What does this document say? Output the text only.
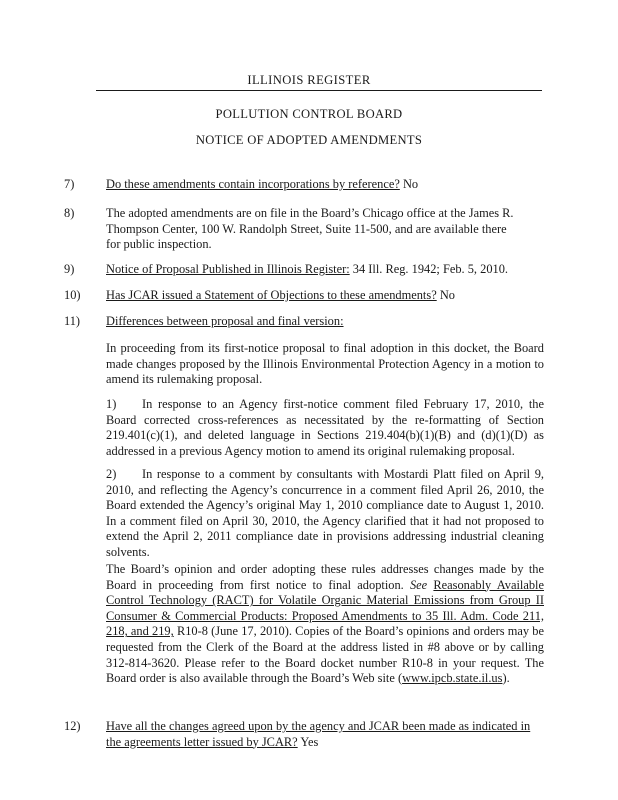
ILLINOIS REGISTER
POLLUTION CONTROL BOARD
NOTICE OF ADOPTED AMENDMENTS
7)	Do these amendments contain incorporations by reference? No
8)	The adopted amendments are on file in the Board’s Chicago office at the James R. Thompson Center, 100 W. Randolph Street, Suite 11-500, and are available there for public inspection.
9)	Notice of Proposal Published in Illinois Register: 34 Ill. Reg. 1942; Feb. 5, 2010.
10)	Has JCAR issued a Statement of Objections to these amendments? No
11)	Differences between proposal and final version:
In proceeding from its first-notice proposal to final adoption in this docket, the Board made changes proposed by the Illinois Environmental Protection Agency in a motion to amend its rulemaking proposal.
1) In response to an Agency first-notice comment filed February 17, 2010, the Board corrected cross-references as necessitated by the re-formatting of Section 219.401(c)(1), and deleted language in Sections 219.404(b)(1)(B) and (d)(1)(D) as addressed in a previous Agency motion to amend its original rulemaking proposal.
2) In response to a comment by consultants with Mostardi Platt filed on April 9, 2010, and reflecting the Agency’s concurrence in a comment filed April 26, 2010, the Board extended the Agency’s original May 1, 2010 compliance date to August 1, 2010. In a comment filed on April 30, 2010, the Agency clarified that it had not proposed to extend the April 2, 2011 compliance date in provisions addressing industrial cleaning solvents.
The Board’s opinion and order adopting these rules addresses changes made by the Board in proceeding from first notice to final adoption. See Reasonably Available Control Technology (RACT) for Volatile Organic Material Emissions from Group II Consumer & Commercial Products: Proposed Amendments to 35 Ill. Adm. Code 211, 218, and 219, R10-8 (June 17, 2010). Copies of the Board’s opinions and orders may be requested from the Clerk of the Board at the address listed in #8 above or by calling 312-814-3620. Please refer to the Board docket number R10-8 in your request. The Board order is also available through the Board’s Web site (www.ipcb.state.il.us).
12)	Have all the changes agreed upon by the agency and JCAR been made as indicated in the agreements letter issued by JCAR? Yes
